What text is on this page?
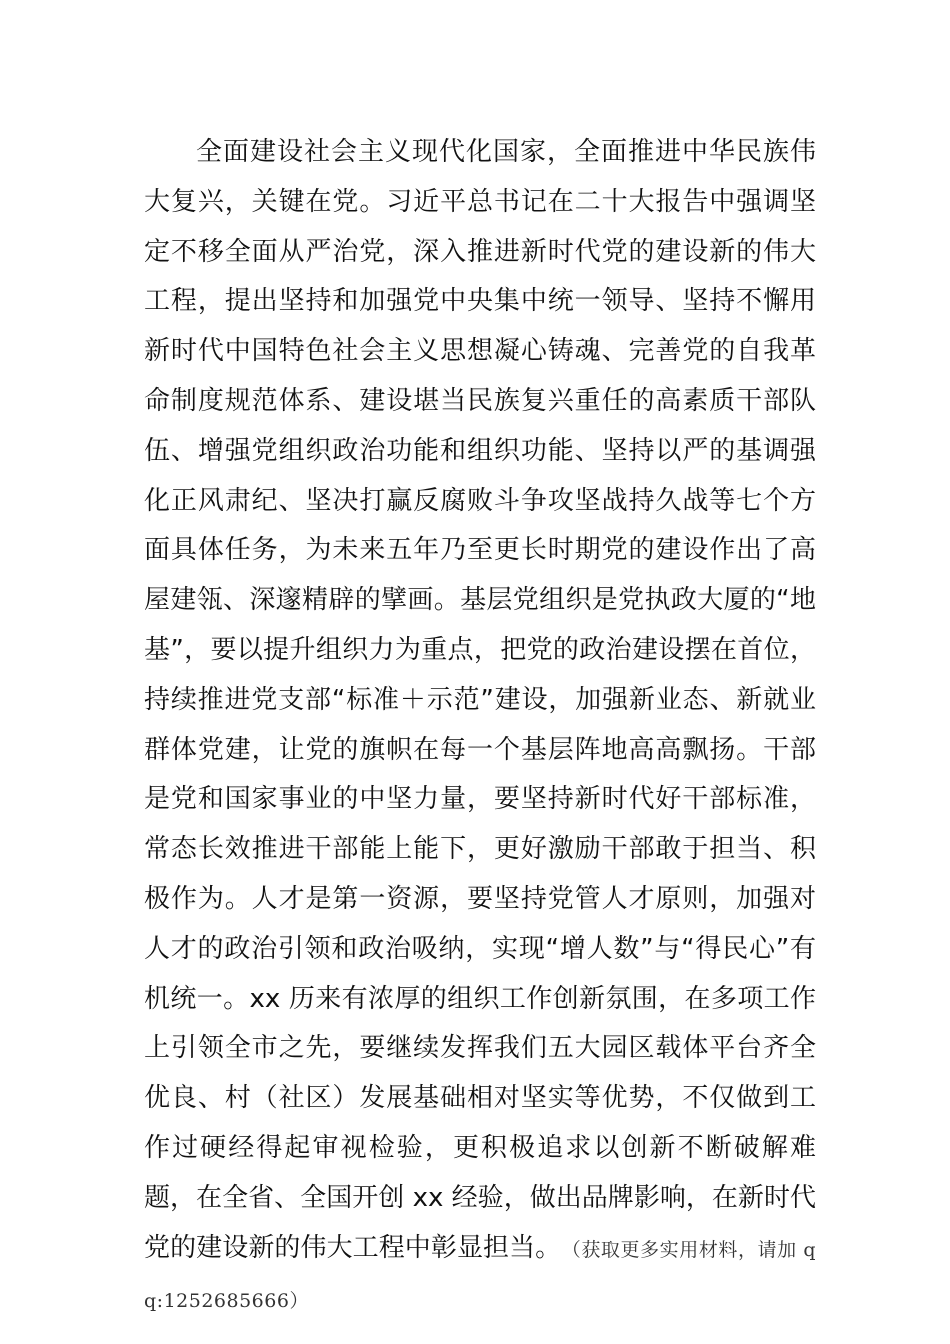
全面建设社会主义现代化国家，全面推进中华民族伟大复兴，关键在党。习近平总书记在二十大报告中强调坚定不移全面从严治党，深入推进新时代党的建设新的伟大工程，提出坚持和加强党中央集中统一领导、坚持不懈用新时代中国特色社会主义思想凝心铸魂、完善党的自我革命制度规范体系、建设堪当民族复兴重任的高素质干部队伍、增强党组织政治功能和组织功能、坚持以严的基调强化正风肃纪、坚决打赢反腐败斗争攻坚战持久战等七个方面具体任务，为未来五年乃至更长时期党的建设作出了高屋建瓴、深邃精辟的擘画。基层党组织是党执政大厦的“地基”，要以提升组织力为重点，把党的政治建设摆在首位，持续推进党支部“标准＋示范”建设，加强新业态、新就业群体党建，让党的旗帜在每一个基层阵地高高飘扬。干部是党和国家事业的中坚力量，要坚持新时代好干部标准，常态长效推进干部能上能下，更好激励干部敢于担当、积极作为。人才是第一资源，要坚持党管人才原则，加强对人才的政治引领和政治吸纳，实现“增人数”与“得民心”有机统一。xx 历来有浓厚的组织工作创新氛围，在多项工作上引领全市之先，要继续发挥我们五大园区载体平台齐全优良、村（社区）发展基础相对坚实等优势，不仅做到工作过硬经得起审视检验，更积极追求以创新不断破解难题，在全省、全国开创 xx 经验，做出品牌影响，在新时代党的建设新的伟大工程中彰显担当。 （获取更多实用材料，请加 qq:1252685666）
